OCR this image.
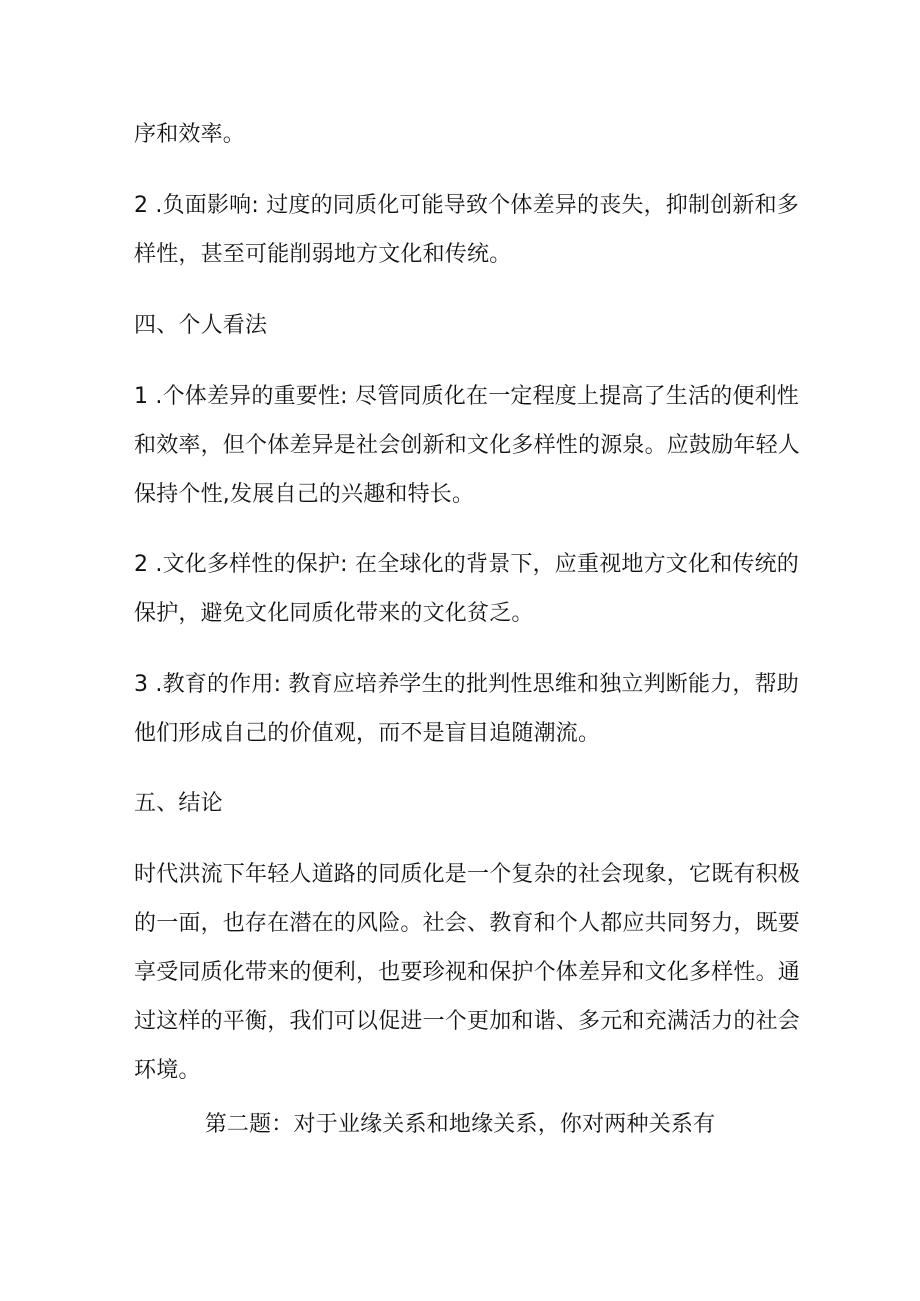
序和效率。
2 .负面影响: 过度的同质化可能导致个体差异的丧失，抑制创新和多
样性，甚至可能削弱地方文化和传统。
四、个人看法
1 .个体差异的重要性: 尽管同质化在一定程度上提高了生活的便利性
和效率，但个体差异是社会创新和文化多样性的源泉。应鼓励年轻人
保持个性,发展自己的兴趣和特长。
2 .文化多样性的保护: 在全球化的背景下，应重视地方文化和传统的
保护，避免文化同质化带来的文化贫乏。
3 .教育的作用: 教育应培养学生的批判性思维和独立判断能力，帮助
他们形成自己的价值观，而不是盲目追随潮流。
五、结论
时代洪流下年轻人道路的同质化是一个复杂的社会现象，它既有积极
的一面，也存在潜在的风险。社会、教育和个人都应共同努力，既要
享受同质化带来的便利，也要珍视和保护个体差异和文化多样性。通
过这样的平衡，我们可以促进一个更加和谐、多元和充满活力的社会
环境。
第二题：对于业缘关系和地缘关系，你对两种关系有
